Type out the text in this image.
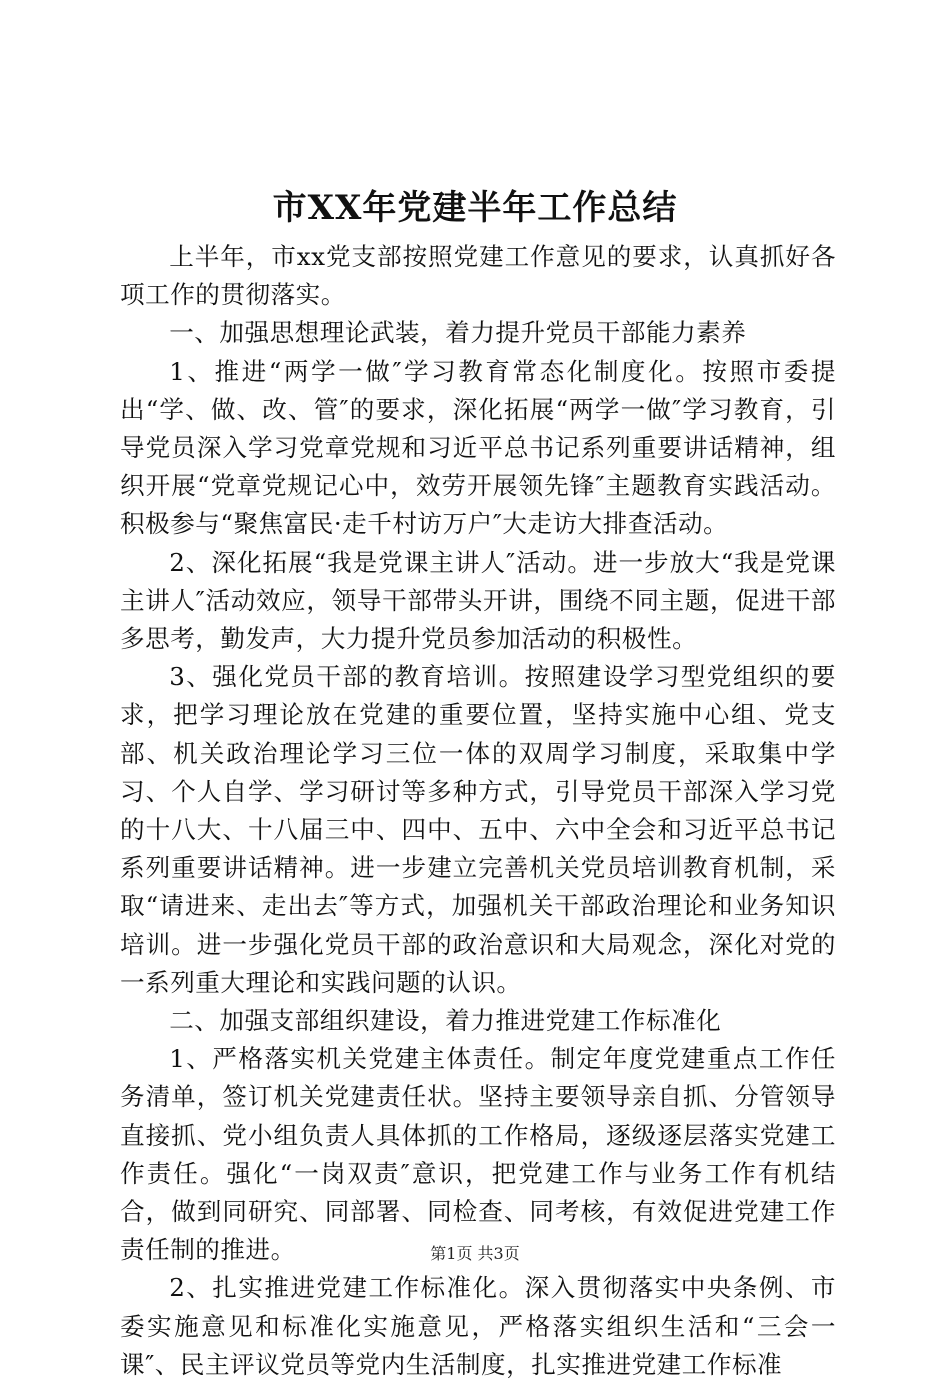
市XX年党建半年工作总结

上半年，市xx党支部按照党建工作意见的要求，认真抓好各项工作的贯彻落实。

一、加强思想理论武装，着力提升党员干部能力素养

1、推进“两学一做″学习教育常态化制度化。按照市委提出“学、做、改、管″的要求，深化拓展“两学一做″学习教育，引导党员深入学习党章党规和习近平总书记系列重要讲话精神，组织开展“党章党规记心中，效劳开展领先锋″主题教育实践活动。积极参与“聚焦富民·走千村访万户″大走访大排查活动。

2、深化拓展“我是党课主讲人″活动。进一步放大“我是党课主讲人″活动效应，领导干部带头开讲，围绕不同主题，促进干部多思考，勤发声，大力提升党员参加活动的积极性。

3、强化党员干部的教育培训。按照建设学习型党组织的要求，把学习理论放在党建的重要位置，坚持实施中心组、党支部、机关政治理论学习三位一体的双周学习制度，采取集中学习、个人自学、学习研讨等多种方式，引导党员干部深入学习党的十八大、十八届三中、四中、五中、六中全会和习近平总书记系列重要讲话精神。进一步建立完善机关党员培训教育机制，采取“请进来、走出去″等方式，加强机关干部政治理论和业务知识培训。进一步强化党员干部的政治意识和大局观念，深化对党的一系列重大理论和实践问题的认识。

二、加强支部组织建设，着力推进党建工作标准化

1、严格落实机关党建主体责任。制定年度党建重点工作任务清单，签订机关党建责任状。坚持主要领导亲自抓、分管领导直接抓、党小组负责人具体抓的工作格局，逐级逐层落实党建工作责任。强化“一岗双责″意识，把党建工作与业务工作有机结合，做到同研究、同部署、同检查、同考核，有效促进党建工作责任制的推进。

2、扎实推进党建工作标准化。深入贯彻落实中央条例、市委实施意见和标准化实施意见，严格落实组织生活和“三会一课″、民主评议党员等党内生活制度，扎实推进党建工作标准

第1页 共3页
